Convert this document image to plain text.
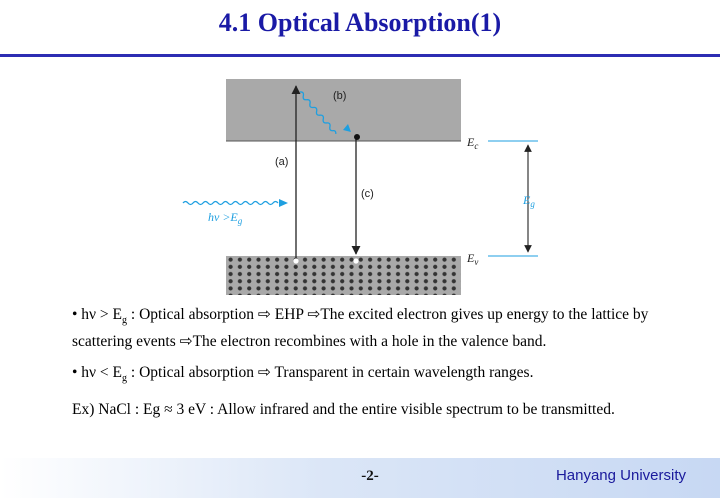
4.1 Optical Absorption(1)
(b)
(a)
(c)
$E_c$
$E_v$
$E_g$
$h\nu >E_g$

• $h\nu > E_g$ : Optical absorption ⇨ EHP ⇨The excited electron gives up energy to the lattice by scattering events ⇨The electron recombines with a hole in the valence band.

• $h\nu < E_g$ : Optical absorption ⇨ Transparent in certain wavelength ranges.

Ex) NaCl : Eg ≈ 3 eV : Allow infrared and the entire visible spectrum to be transmitted.

-2-	Hanyang University
